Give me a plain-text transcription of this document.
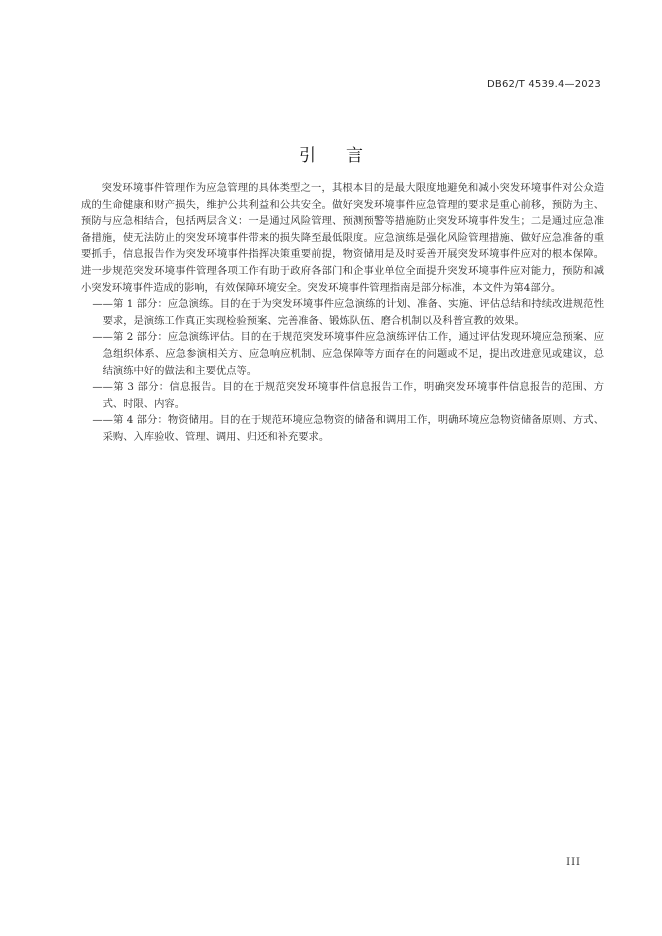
DB62/T 4539.4—2023
引言

突发环境事件管理作为应急管理的具体类型之一，其根本目的是最大限度地避免和减小突发环境事件对公众造成的生命健康和财产损失，维护公共利益和公共安全。做好突发环境事件应急管理的要求是重心前移，预防为主、预防与应急相结合，包括两层含义：一是通过风险管理、预测预警等措施防止突发环境事件发生；二是通过应急准备措施，使无法防止的突发环境事件带来的损失降至最低限度。应急演练是强化风险管理措施、做好应急准备的重要抓手，信息报告作为突发环境事件指挥决策重要前提，物资储用是及时妥善开展突发环境事件应对的根本保障。进一步规范突发环境事件管理各项工作有助于政府各部门和企事业单位全面提升突发环境事件应对能力，预防和减小突发环境事件造成的影响，有效保障环境安全。突发环境事件管理指南是部分标准，本文件为第4部分。

——第 1 部分：应急演练。目的在于为突发环境事件应急演练的计划、准备、实施、评估总结和持续改进规范性要求，是演练工作真正实现检验预案、完善准备、锻炼队伍、磨合机制以及科普宣教的效果。

——第 2 部分：应急演练评估。目的在于规范突发环境事件应急演练评估工作，通过评估发现环境应急预案、应急组织体系、应急参演相关方、应急响应机制、应急保障等方面存在的问题或不足，提出改进意见或建议，总结演练中好的做法和主要优点等。

——第 3 部分：信息报告。目的在于规范突发环境事件信息报告工作，明确突发环境事件信息报告的范围、方式、时限、内容。

——第 4 部分：物资储用。目的在于规范环境应急物资的储备和调用工作，明确环境应急物资储备原则、方式、采购、入库验收、管理、调用、归还和补充要求。

III
